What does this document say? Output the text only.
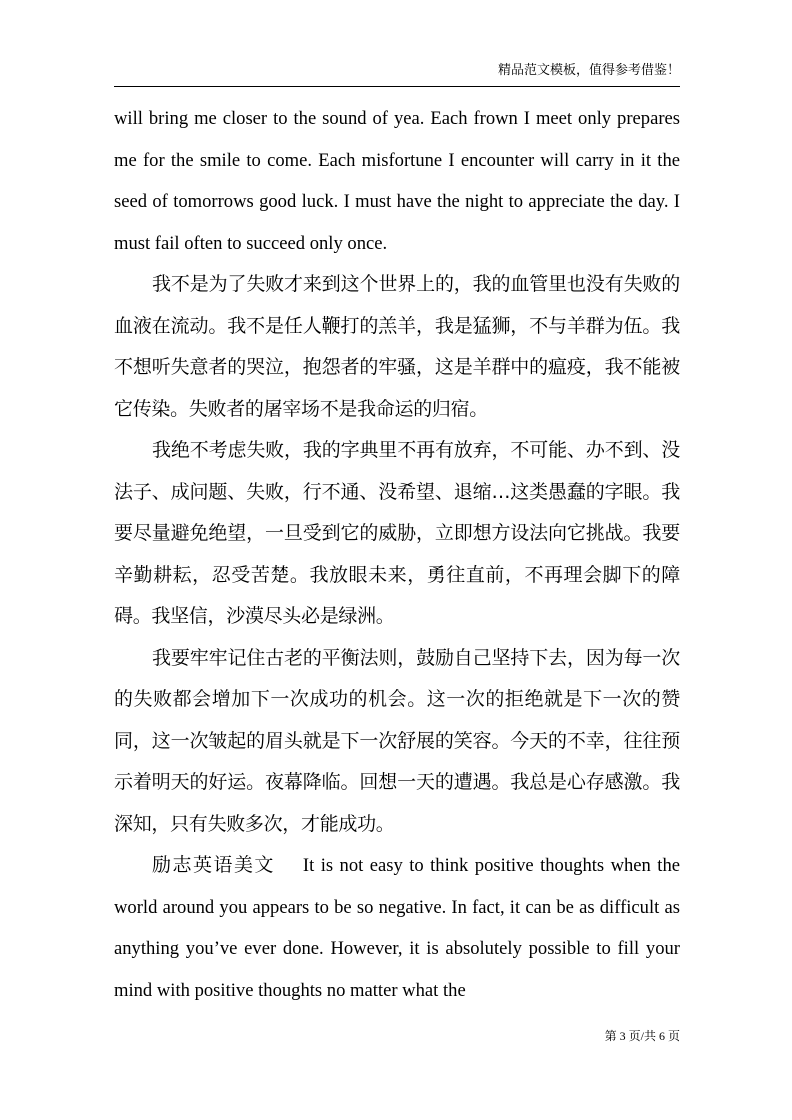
精品范文模板，值得参考借鉴！

will bring me closer to the sound of yea. Each frown I meet only prepares me for the smile to come. Each misfortune I encounter will carry in it the seed of tomorrows good luck. I must have the night to appreciate the day. I must fail often to succeed only once.

我不是为了失败才来到这个世界上的，我的血管里也没有失败的血液在流动。我不是任人鞭打的羔羊，我是猛狮，不与羊群为伍。我不想听失意者的哭泣，抱怨者的牢骚，这是羊群中的瘟疫，我不能被它传染。失败者的屠宰场不是我命运的归宿。

我绝不考虑失败，我的字典里不再有放弃，不可能、办不到、没法子、成问题、失败，行不通、没希望、退缩…这类愚蠢的字眼。我要尽量避免绝望，一旦受到它的威胁，立即想方设法向它挑战。我要辛勤耕耘，忍受苦楚。我放眼未来，勇往直前，不再理会脚下的障碍。我坚信，沙漠尽头必是绿洲。

我要牢牢记住古老的平衡法则，鼓励自己坚持下去，因为每一次的失败都会增加下一次成功的机会。这一次的拒绝就是下一次的赞同，这一次皱起的眉头就是下一次舒展的笑容。今天的不幸，往往预示着明天的好运。夜幕降临。回想一天的遭遇。我总是心存感激。我深知，只有失败多次，才能成功。

励志英语美文 It is not easy to think positive thoughts when the world around you appears to be so negative. In fact, it can be as difficult as anything you’ve ever done. However, it is absolutely possible to fill your mind with positive thoughts no matter what the

第 3 页/共 6 页
